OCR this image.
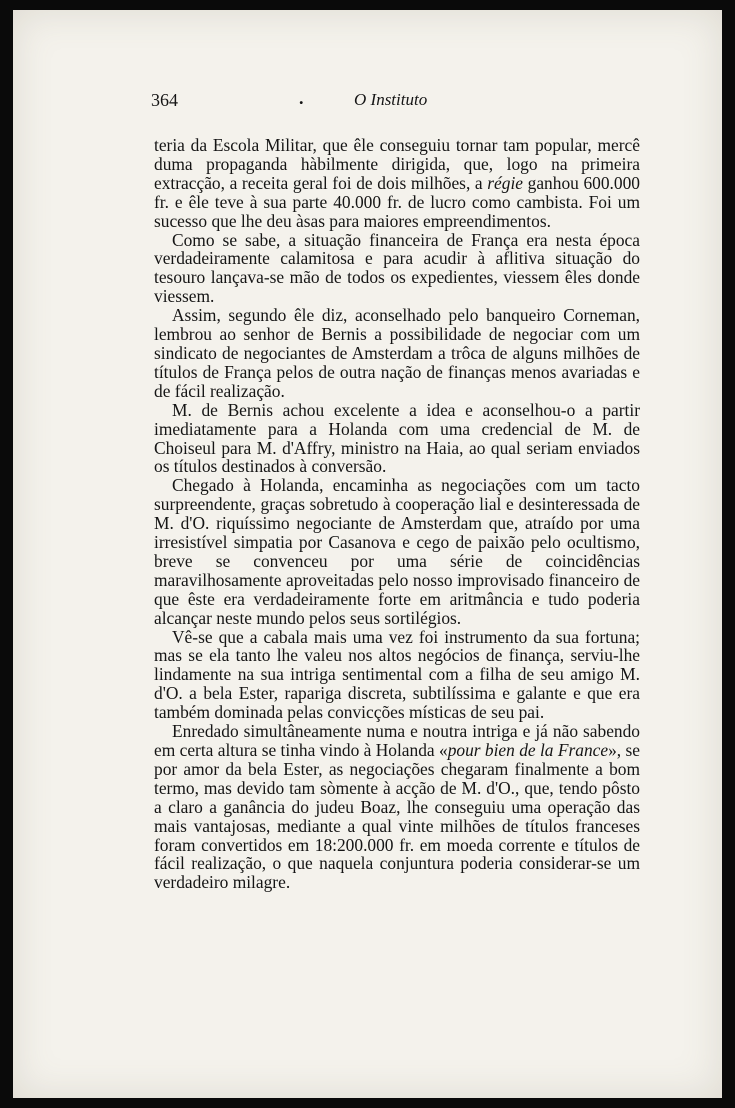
364	.	O Instituto

teria da Escola Militar, que êle conseguiu tornar tam popular, mercê duma propaganda hàbilmente dirigida, que, logo na primeira extracção, a receita geral foi de dois milhões, a régie ganhou 600.000 fr. e êle teve à sua parte 40.000 fr. de lucro como cambista. Foi um sucesso que lhe deu àsas para maiores empreendimentos.

Como se sabe, a situação financeira de França era nesta época verdadeiramente calamitosa e para acudir à aflitiva situação do tesouro lançava-se mão de todos os expedientes, viessem êles donde viessem.

Assim, segundo êle diz, aconselhado pelo banqueiro Corneman, lembrou ao senhor de Bernis a possibilidade de negociar com um sindicato de negociantes de Amsterdam a trôca de alguns milhões de títulos de França pelos de outra nação de finanças menos avariadas e de fácil realização.

M. de Bernis achou excelente a idea e aconselhou-o a partir imediatamente para a Holanda com uma credencial de M. de Choiseul para M. d'Affry, ministro na Haia, ao qual seriam enviados os títulos destinados à conversão.

Chegado à Holanda, encaminha as negociações com um tacto surpreendente, graças sobretudo à cooperação lial e desinteressada de M. d'O. riquíssimo negociante de Amsterdam que, atraído por uma irresistível simpatia por Casanova e cego de paixão pelo ocultismo, breve se convenceu por uma série de coincidências maravilhosamente aproveitadas pelo nosso improvisado financeiro de que êste era verdadeiramente forte em aritmância e tudo poderia alcançar neste mundo pelos seus sortilégios.

Vê-se que a cabala mais uma vez foi instrumento da sua fortuna; mas se ela tanto lhe valeu nos altos negócios de finança, serviu-lhe lindamente na sua intriga sentimental com a filha de seu amigo M. d'O. a bela Ester, rapariga discreta, subtilíssima e galante e que era também dominada pelas convicções místicas de seu pai.

Enredado simultâneamente numa e noutra intriga e já não sabendo em certa altura se tinha vindo à Holanda «pour bien de la France», se por amor da bela Ester, as negociações chegaram finalmente a bom termo, mas devido tam sòmente à acção de M. d'O., que, tendo pôsto a claro a ganância do judeu Boaz, lhe conseguiu uma operação das mais vantajosas, mediante a qual vinte milhões de títulos franceses foram convertidos em 18:200.000 fr. em moeda corrente e títulos de fácil realização, o que naquela conjuntura poderia considerar-se um verdadeiro milagre.
